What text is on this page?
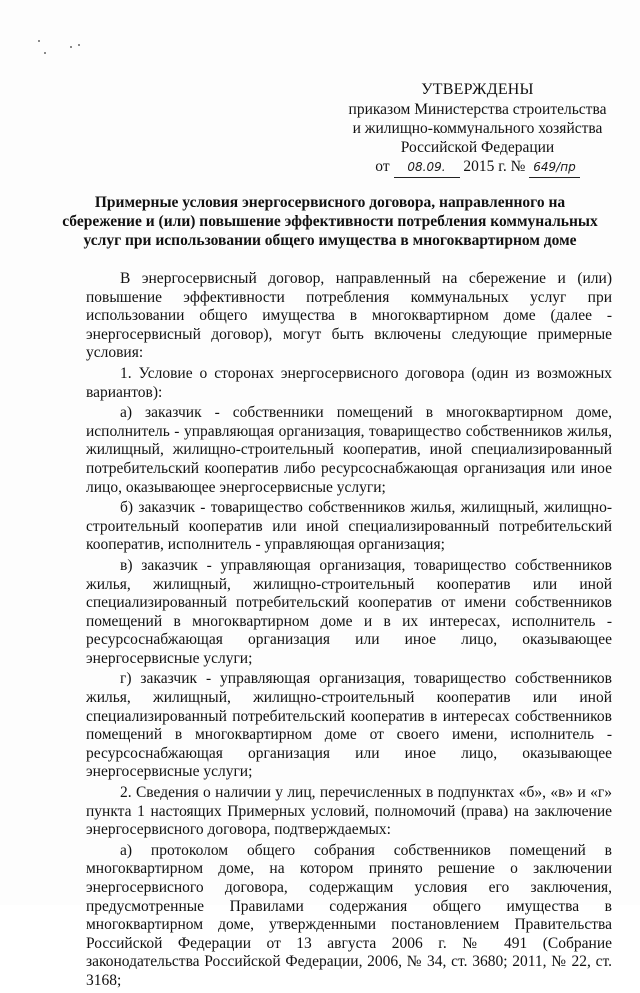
УТВЕРЖДЕНЫ
приказом Министерства строительства
и жилищно-коммунального хозяйства
Российской Федерации
от 08.09. 2015 г. № 649/пр
Примерные условия энергосервисного договора, направленного на сбережение и (или) повышение эффективности потребления коммунальных услуг при использовании общего имущества в многоквартирном доме

В энергосервисный договор, направленный на сбережение и (или) повышение эффективности потребления коммунальных услуг при использовании общего имущества в многоквартирном доме (далее - энергосервисный договор), могут быть включены следующие примерные условия:

1. Условие о сторонах энергосервисного договора (один из возможных вариантов):

а) заказчик - собственники помещений в многоквартирном доме, исполнитель - управляющая организация, товарищество собственников жилья, жилищный, жилищно-строительный кооператив, иной специализированный потребительский кооператив либо ресурсоснабжающая организация или иное лицо, оказывающее энергосервисные услуги;

б) заказчик - товарищество собственников жилья, жилищный, жилищно-строительный кооператив или иной специализированный потребительский кооператив, исполнитель - управляющая организация;

в) заказчик - управляющая организация, товарищество собственников жилья, жилищный, жилищно-строительный кооператив или иной специализированный потребительский кооператив от имени собственников помещений в многоквартирном доме и в их интересах, исполнитель - ресурсоснабжающая организация или иное лицо, оказывающее энергосервисные услуги;

г) заказчик - управляющая организация, товарищество собственников жилья, жилищный, жилищно-строительный кооператив или иной специализированный потребительский кооператив в интересах собственников помещений в многоквартирном доме от своего имени, исполнитель - ресурсоснабжающая организация или иное лицо, оказывающее энергосервисные услуги;

2. Сведения о наличии у лиц, перечисленных в подпунктах «б», «в» и «г» пункта 1 настоящих Примерных условий, полномочий (права) на заключение энергосервисного договора, подтверждаемых:

а) протоколом общего собрания собственников помещений в многоквартирном доме, на котором принято решение о заключении энергосервисного договора, содержащим условия его заключения, предусмотренные Правилами содержания общего имущества в многоквартирном доме, утвержденными постановлением Правительства Российской Федерации от 13 августа 2006 г. № 491 (Собрание законодательства Российской Федерации, 2006, № 34, ст. 3680; 2011, № 22, ст. 3168;
